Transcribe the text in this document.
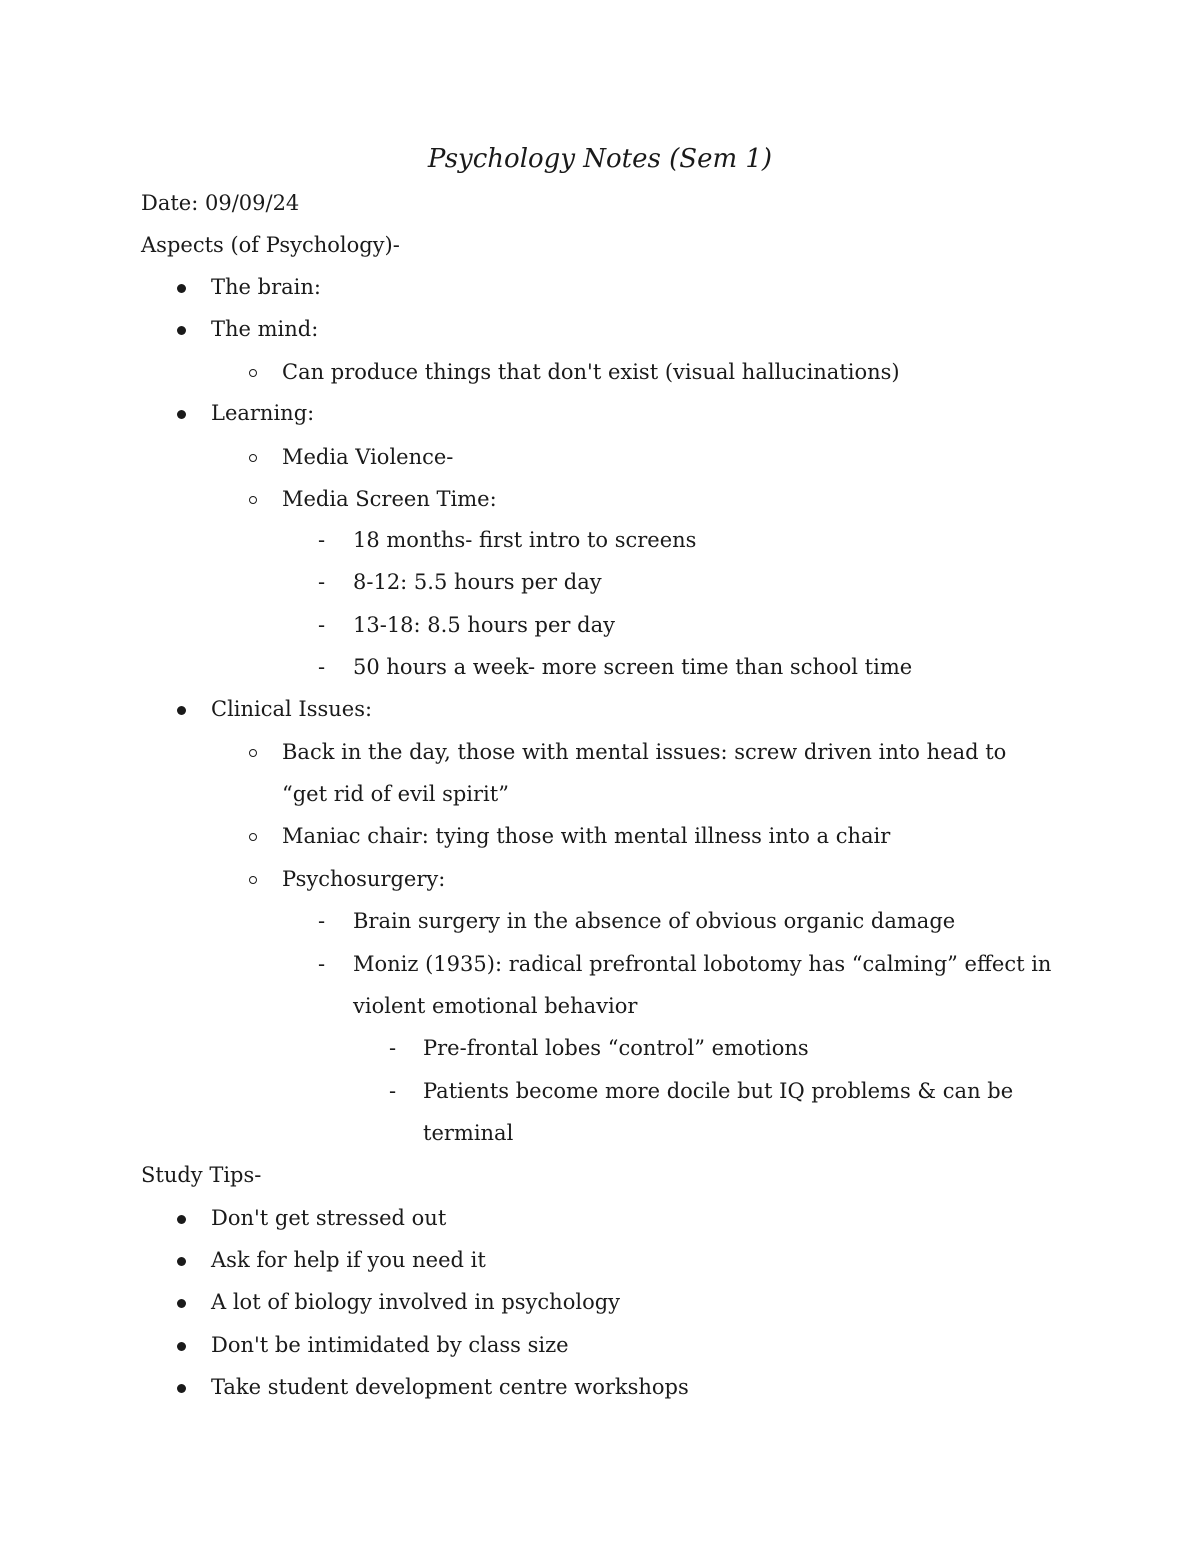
Psychology Notes (Sem 1)
Date: 09/09/24
Aspects (of Psychology)-
The brain:
The mind:
Can produce things that don't exist (visual hallucinations)
Learning:
Media Violence-
Media Screen Time:
- 18 months- first intro to screens
- 8-12: 5.5 hours per day
- 13-18: 8.5 hours per day
- 50 hours a week- more screen time than school time
Clinical Issues:
Back in the day, those with mental issues: screw driven into head to
“get rid of evil spirit”
Maniac chair: tying those with mental illness into a chair
Psychosurgery:
- Brain surgery in the absence of obvious organic damage
- Moniz (1935): radical prefrontal lobotomy has “calming” effect in
violent emotional behavior
- Pre-frontal lobes “control” emotions
- Patients become more docile but IQ problems & can be
terminal
Study Tips-
Don't get stressed out
Ask for help if you need it
A lot of biology involved in psychology
Don't be intimidated by class size
Take student development centre workshops
